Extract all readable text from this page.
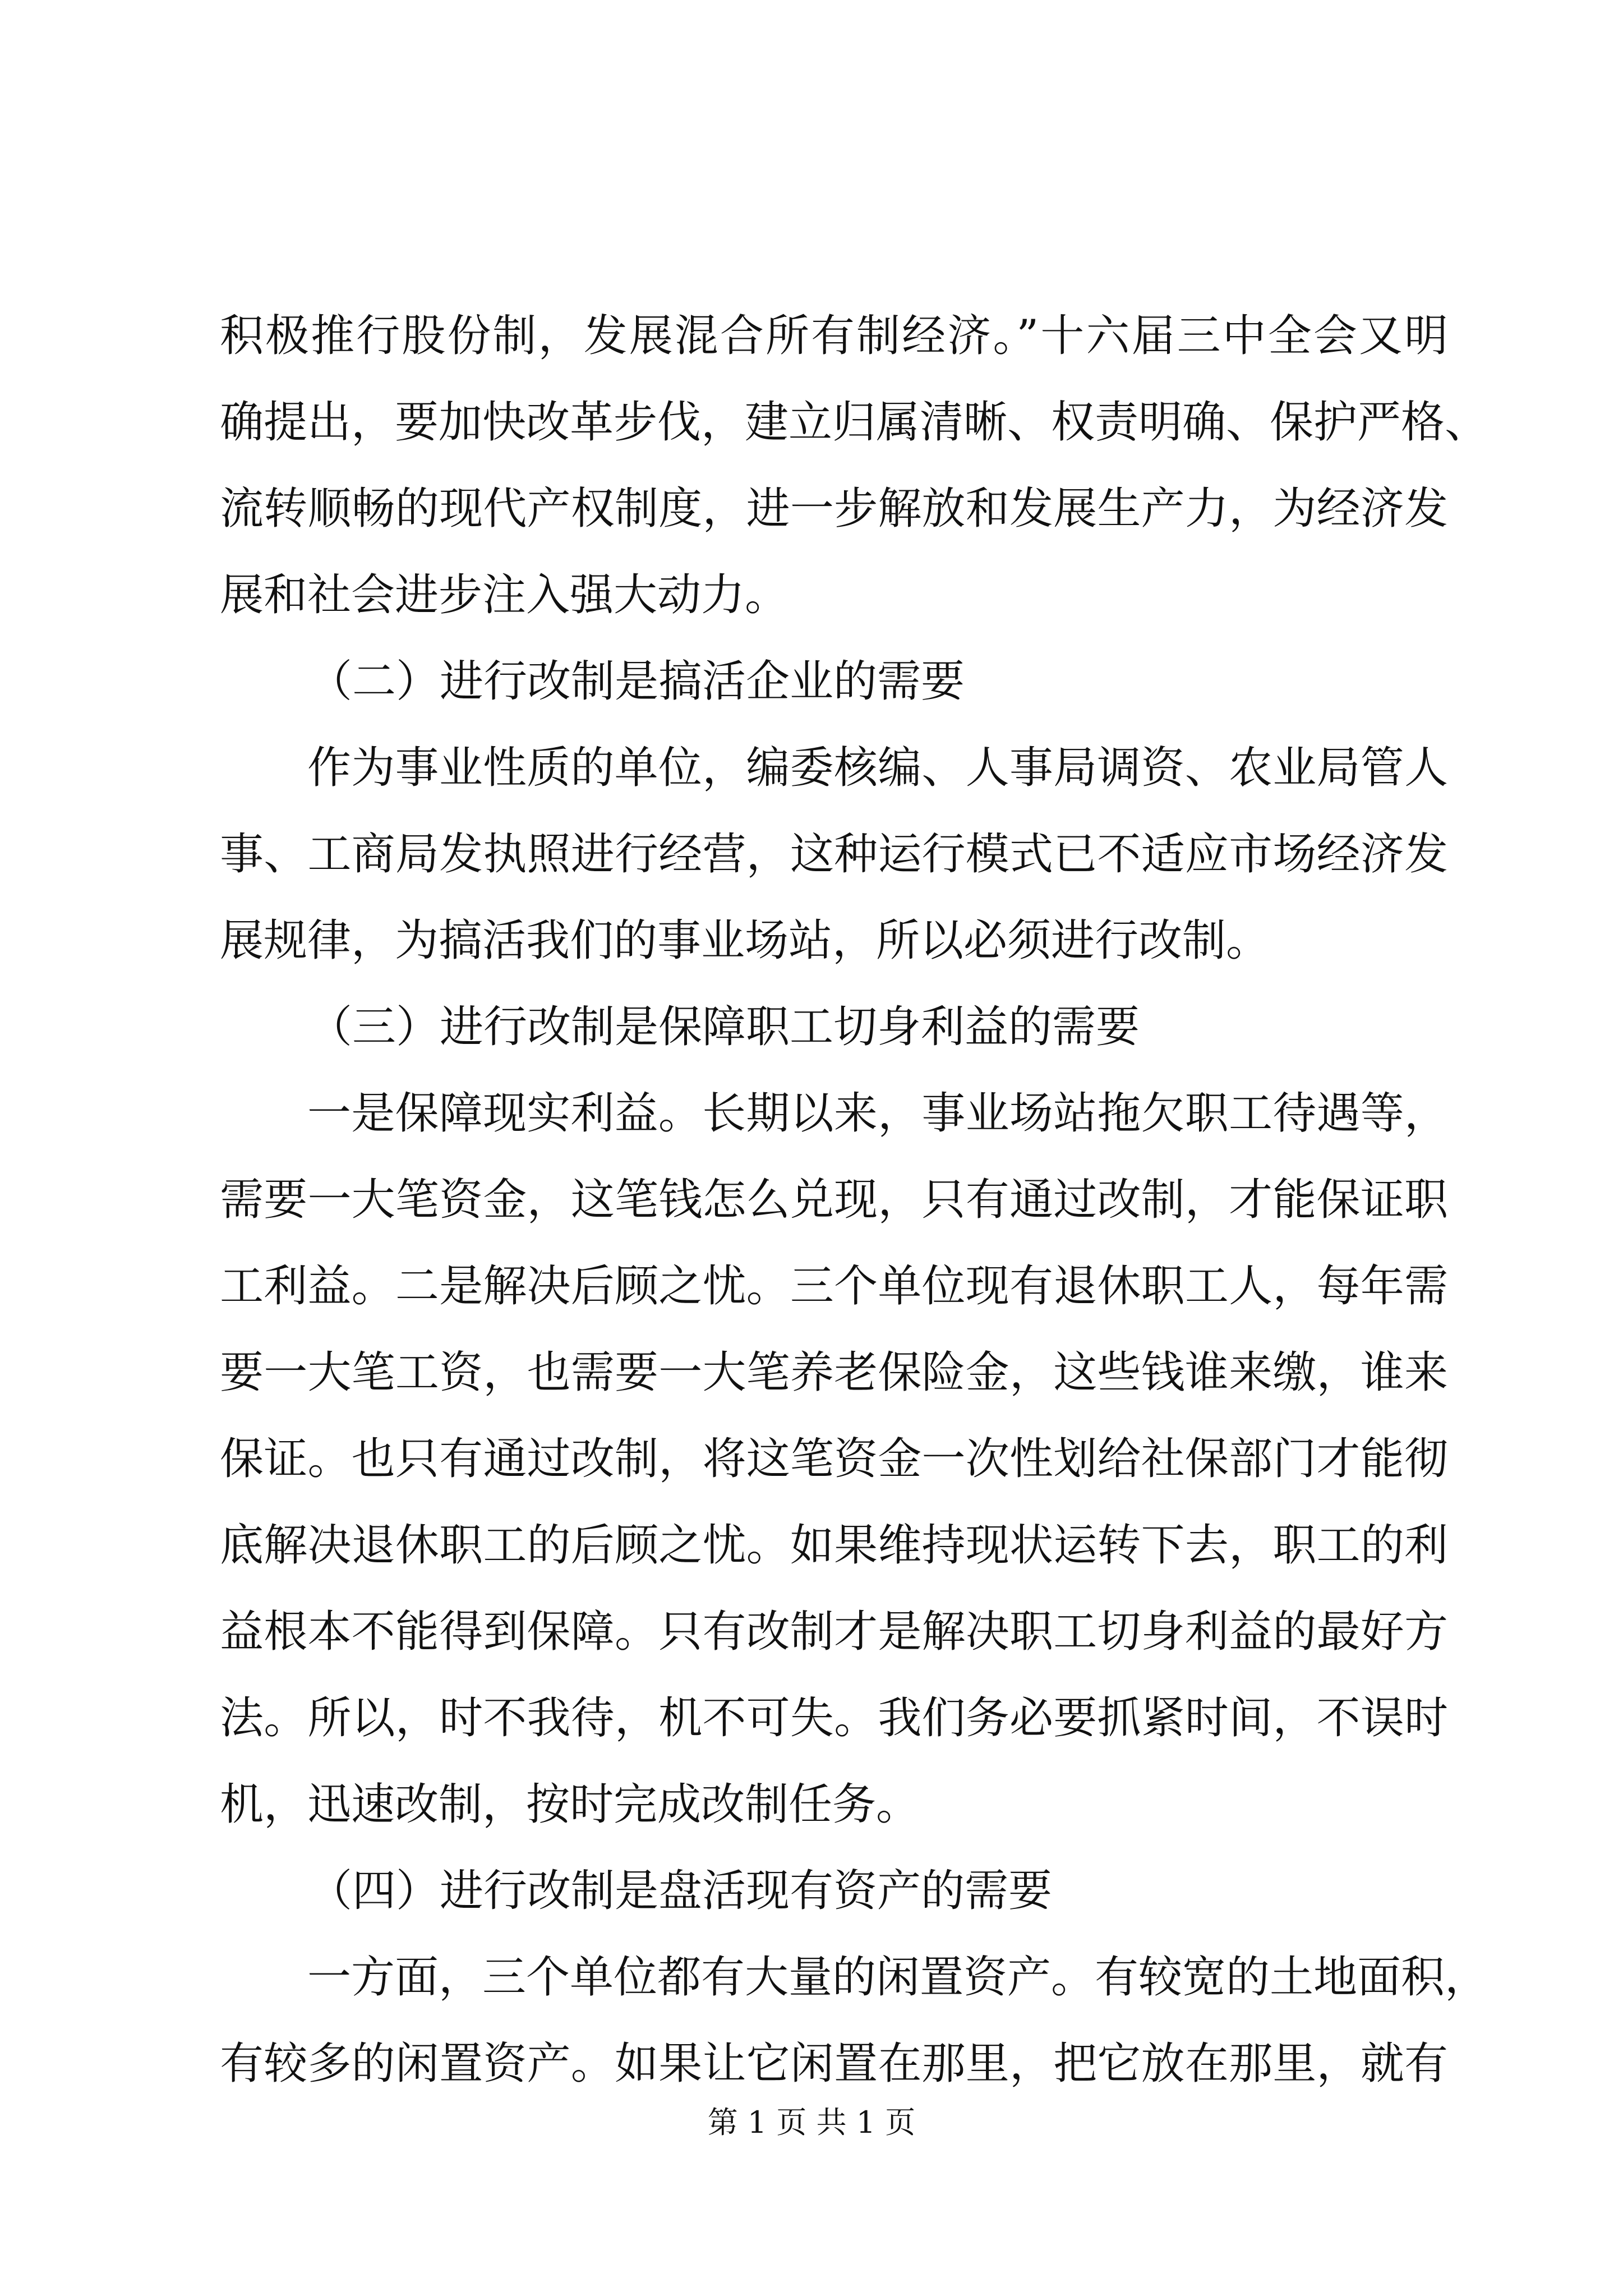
积极推行股份制，发展混合所有制经济。”十六届三中全会又明
确提出，要加快改革步伐，建立归属清晰、权责明确、保护严格、
流转顺畅的现代产权制度，进一步解放和发展生产力，为经济发
展和社会进步注入强大动力。
（二）进行改制是搞活企业的需要
作为事业性质的单位，编委核编、人事局调资、农业局管人
事、工商局发执照进行经营，这种运行模式已不适应市场经济发
展规律，为搞活我们的事业场站，所以必须进行改制。
（三）进行改制是保障职工切身利益的需要
一是保障现实利益。长期以来，事业场站拖欠职工待遇等，
需要一大笔资金，这笔钱怎么兑现，只有通过改制，才能保证职
工利益。二是解决后顾之忧。三个单位现有退休职工人，每年需
要一大笔工资，也需要一大笔养老保险金，这些钱谁来缴，谁来
保证。也只有通过改制，将这笔资金一次性划给社保部门才能彻
底解决退休职工的后顾之忧。如果维持现状运转下去，职工的利
益根本不能得到保障。只有改制才是解决职工切身利益的最好方
法。所以，时不我待，机不可失。我们务必要抓紧时间，不误时
机，迅速改制，按时完成改制任务。
（四）进行改制是盘活现有资产的需要
一方面，三个单位都有大量的闲置资产。有较宽的土地面积，
有较多的闲置资产。如果让它闲置在那里，把它放在那里，就有
第 1 页 共 1 页
